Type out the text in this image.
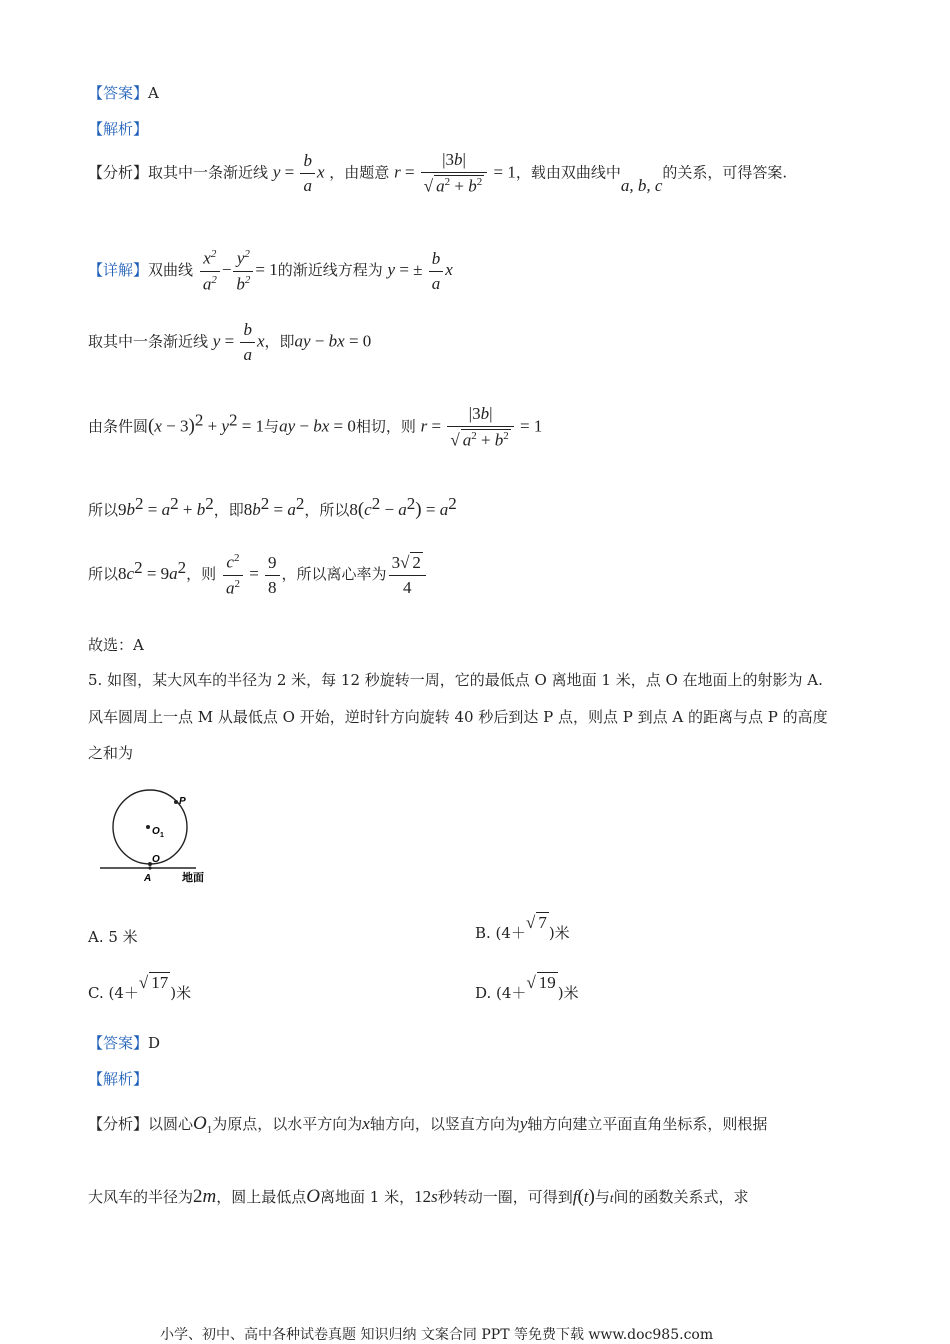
【答案】A
【解析】
【分析】取其中一条渐近线 $y = \frac{b}{a}$ x ，由题意 $r = \frac{|3b|}{√ a^2 + b^2} = 1$，载由双曲线中a, b, c的关系，可得答案.
【详解】双曲线 $\frac{x^2}{a^2} - \frac{y^2}{b^2} = 1$的渐近线方程为 y = ± $\frac{b}{a}$ x
取其中一条渐近线 $y = \frac{b}{a}$ x，即ay − bx = 0
由条件圆$(x - 3)^2 + y^2 = 1$与ay − bx = 0相切，则 $r = \frac{|3b|}{√ a^2 + b^2} = 1$
所以$9b^2 = a^2 + b^2$，即$8b^2 = a^2$，所以$8(c^2 - a^2) = a^2$
所以$8c^2 = 9a^2$，则 $\frac{c^2}{a^2} = \frac{9}{8}$ ，所以离心率为 $\frac{3√ 2}{4}$
故选：A
5. 如图，某大风车的半径为 2 米，每 12 秒旋转一周，它的最低点 O 离地面 1 米，点 O 在地面上的射影为 A.
风车圆周上一点 M 从最低点 O 开始，逆时针方向旋转 40 秒后到达 P 点，则点 P 到点 A 的距离与点 P 的高度
之和为
P
O 1
O
A	地面
A. 5 米	B. (4＋√ 7)米
C. (4＋√ 17)米	D. (4＋√ 19)米
【答案】D
【解析】
【分析】以圆心$O_1$为原点，以水平方向为x轴方向，以竖直方向为y轴方向建立平面直角坐标系，则根据
大风车的半径为2m，圆上最低点O离地面 1 米，12s秒转动一圈，可得到f(t)与t间的函数关系式，求
小学、初中、高中各种试卷真题 知识归纳 文案合同 PPT 等免费下载 www.doc985.com
